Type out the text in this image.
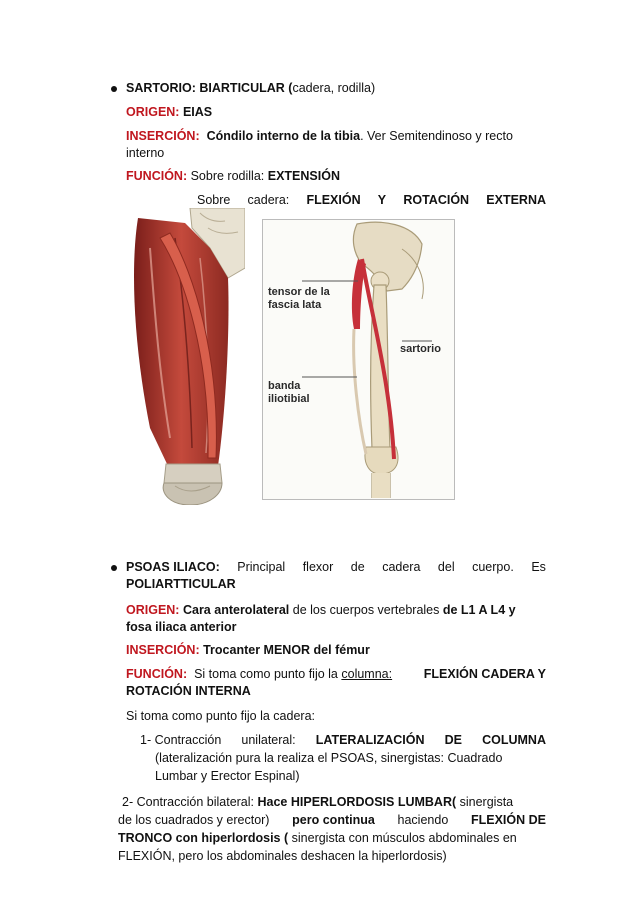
SARTORIO: BIARTICULAR (cadera, rodilla)
ORIGEN: EIAS
INSERCIÓN: Cóndilo interno de la tibia. Ver Semitendinoso y recto
interno
FUNCIÓN: Sobre rodilla: EXTENSIÓN
Sobre cadera: FLEXIÓN Y ROTACIÓN EXTERNA
tensor de la
fascia lata
sartorio
banda
iliotibial
PSOAS ILIACO: Principal flexor de cadera del cuerpo. Es
POLIARTTICULAR
ORIGEN: Cara anterolateral de los cuerpos vertebrales de L1 A L4 y
fosa iliaca anterior
INSERCIÓN: Trocanter MENOR del fémur
FUNCIÓN: Si toma como punto fijo la columna:	FLEXIÓN CADERA Y
ROTACIÓN INTERNA
Si toma como punto fijo la cadera:
1- Contracción unilateral: LATERALIZACIÓN DE COLUMNA
(lateralización pura la realiza el PSOAS, sinergistas: Cuadrado
Lumbar y Erector Espinal)
2- Contracción bilateral: Hace HIPERLORDOSIS LUMBAR( sinergista
de los cuadrados y erector) pero continua haciendo FLEXIÓN DE
TRONCO con hiperlordosis ( sinergista con músculos abdominales en
FLEXIÓN, pero los abdominales deshacen la hiperlordosis)
